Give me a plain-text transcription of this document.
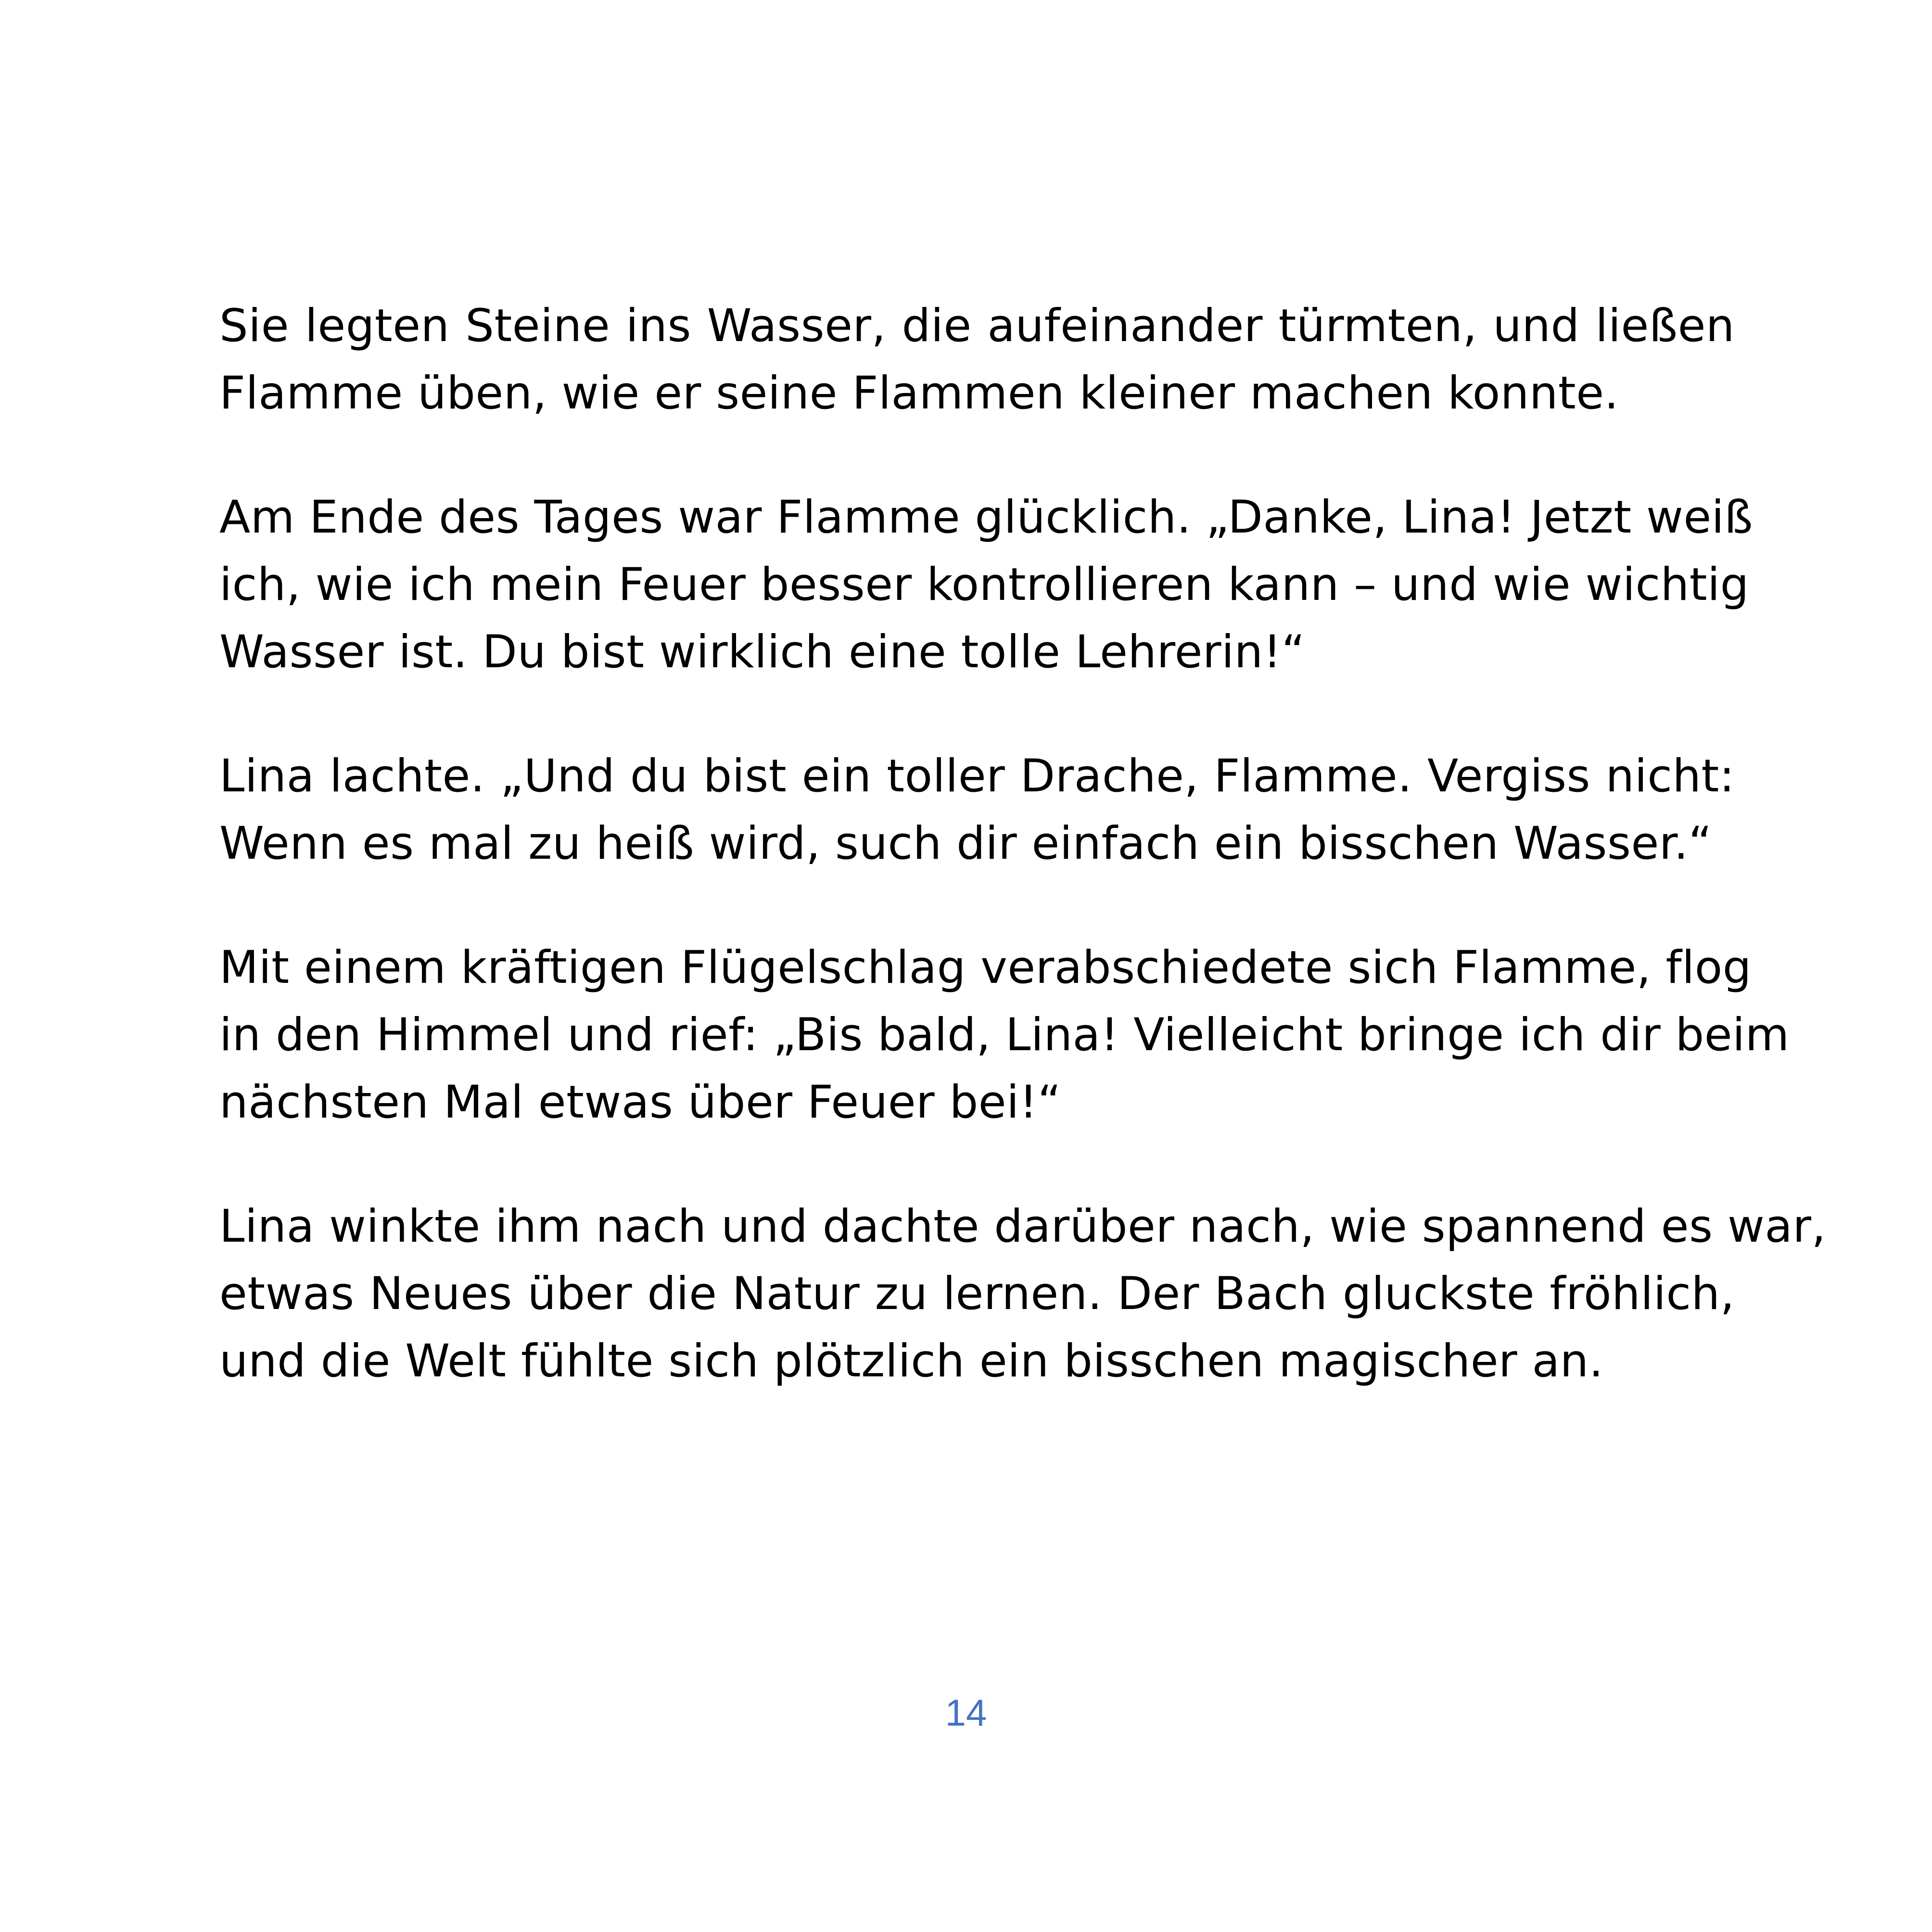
Sie legten Steine ins Wasser, die aufeinander türmten, und ließen
Flamme üben, wie er seine Flammen kleiner machen konnte.

Am Ende des Tages war Flamme glücklich. „Danke, Lina! Jetzt weiß
ich, wie ich mein Feuer besser kontrollieren kann – und wie wichtig
Wasser ist. Du bist wirklich eine tolle Lehrerin!“

Lina lachte. „Und du bist ein toller Drache, Flamme. Vergiss nicht:
Wenn es mal zu heiß wird, such dir einfach ein bisschen Wasser.“

Mit einem kräftigen Flügelschlag verabschiedete sich Flamme, flog
in den Himmel und rief: „Bis bald, Lina! Vielleicht bringe ich dir beim
nächsten Mal etwas über Feuer bei!“

Lina winkte ihm nach und dachte darüber nach, wie spannend es war,
etwas Neues über die Natur zu lernen. Der Bach gluckste fröhlich,
und die Welt fühlte sich plötzlich ein bisschen magischer an.

14
